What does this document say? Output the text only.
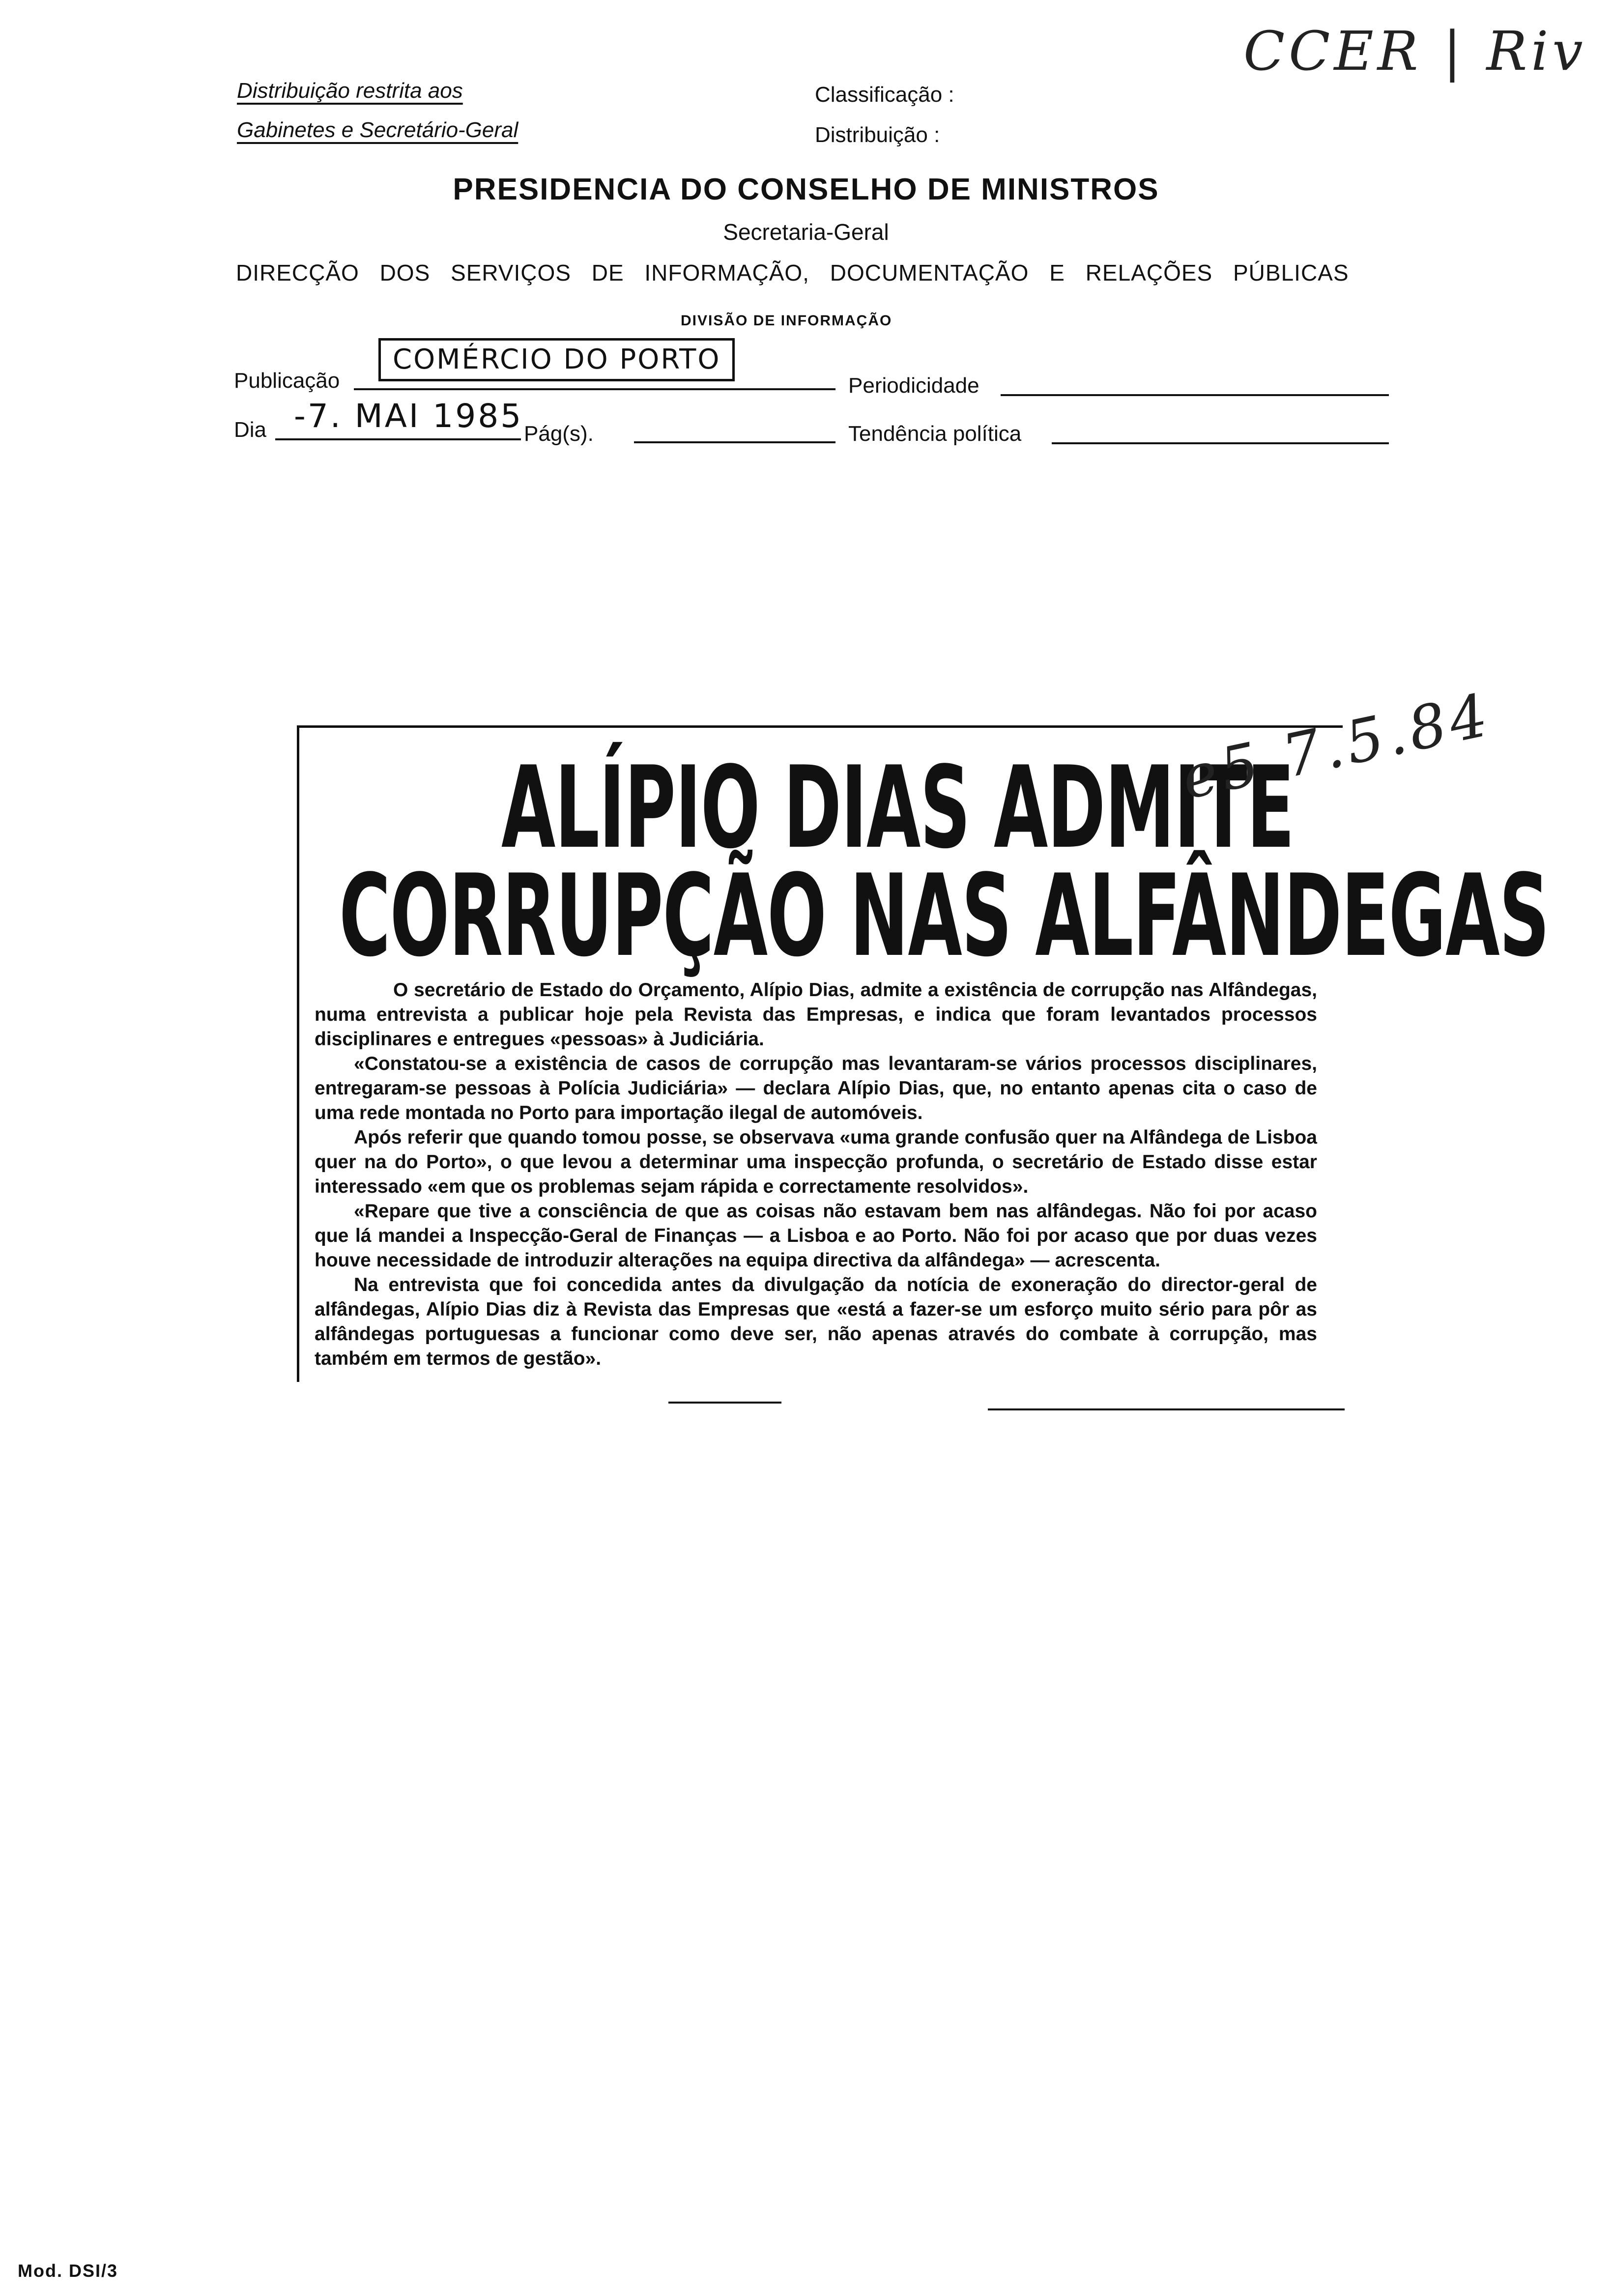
Distribuição restrita aos
Gabinetes e Secretário-Geral
Classificação :
Distribuição :
CCER | Riv
PRESIDENCIA DO CONSELHO DE MINISTROS
Secretaria-Geral
DIRECÇÃO DOS SERVIÇOS DE INFORMAÇÃO, DOCUMENTAÇÃO E RELAÇÕES PÚBLICAS
DIVISÃO DE INFORMAÇÃO
Publicação
COMÉRCIO DO PORTO
Periodicidade
Dia -7. MAI 1985 Pág(s).	Tendência política
ALÍPIO DIAS ADMITE
CORRUPÇÃO NAS ALFÂNDEGAS
e5 7.5.84

O secretário de Estado do Orçamento, Alípio Dias, admite a existência de corrupção nas Alfândegas, numa entrevista a publicar hoje pela Revista das Empresas, e indica que foram levantados processos disciplinares e entregues «pessoas» à Judiciária.

«Constatou-se a existência de casos de corrupção mas levantaram-se vários processos disciplinares, entregaram-se pessoas à Polícia Judiciária» — declara Alípio Dias, que, no entanto apenas cita o caso de uma rede montada no Porto para importação ilegal de automóveis.

Após referir que quando tomou posse, se observava «uma grande confusão quer na Alfândega de Lisboa quer na do Porto», o que levou a determinar uma inspecção profunda, o secretário de Estado disse estar interessado «em que os problemas sejam rápida e correctamente resolvidos».

«Repare que tive a consciência de que as coisas não estavam bem nas alfândegas. Não foi por acaso que lá mandei a Inspecção-Geral de Finanças — a Lisboa e ao Porto. Não foi por acaso que por duas vezes houve necessidade de introduzir alterações na equipa directiva da alfândega» — acrescenta.

Na entrevista que foi concedida antes da divulgação da notícia de exoneração do director-geral de alfândegas, Alípio Dias diz à Revista das Empresas que «está a fazer-se um esforço muito sério para pôr as alfândegas portuguesas a funcionar como deve ser, não apenas através do combate à corrupção, mas também em termos de gestão».

Mod. DSI/3
